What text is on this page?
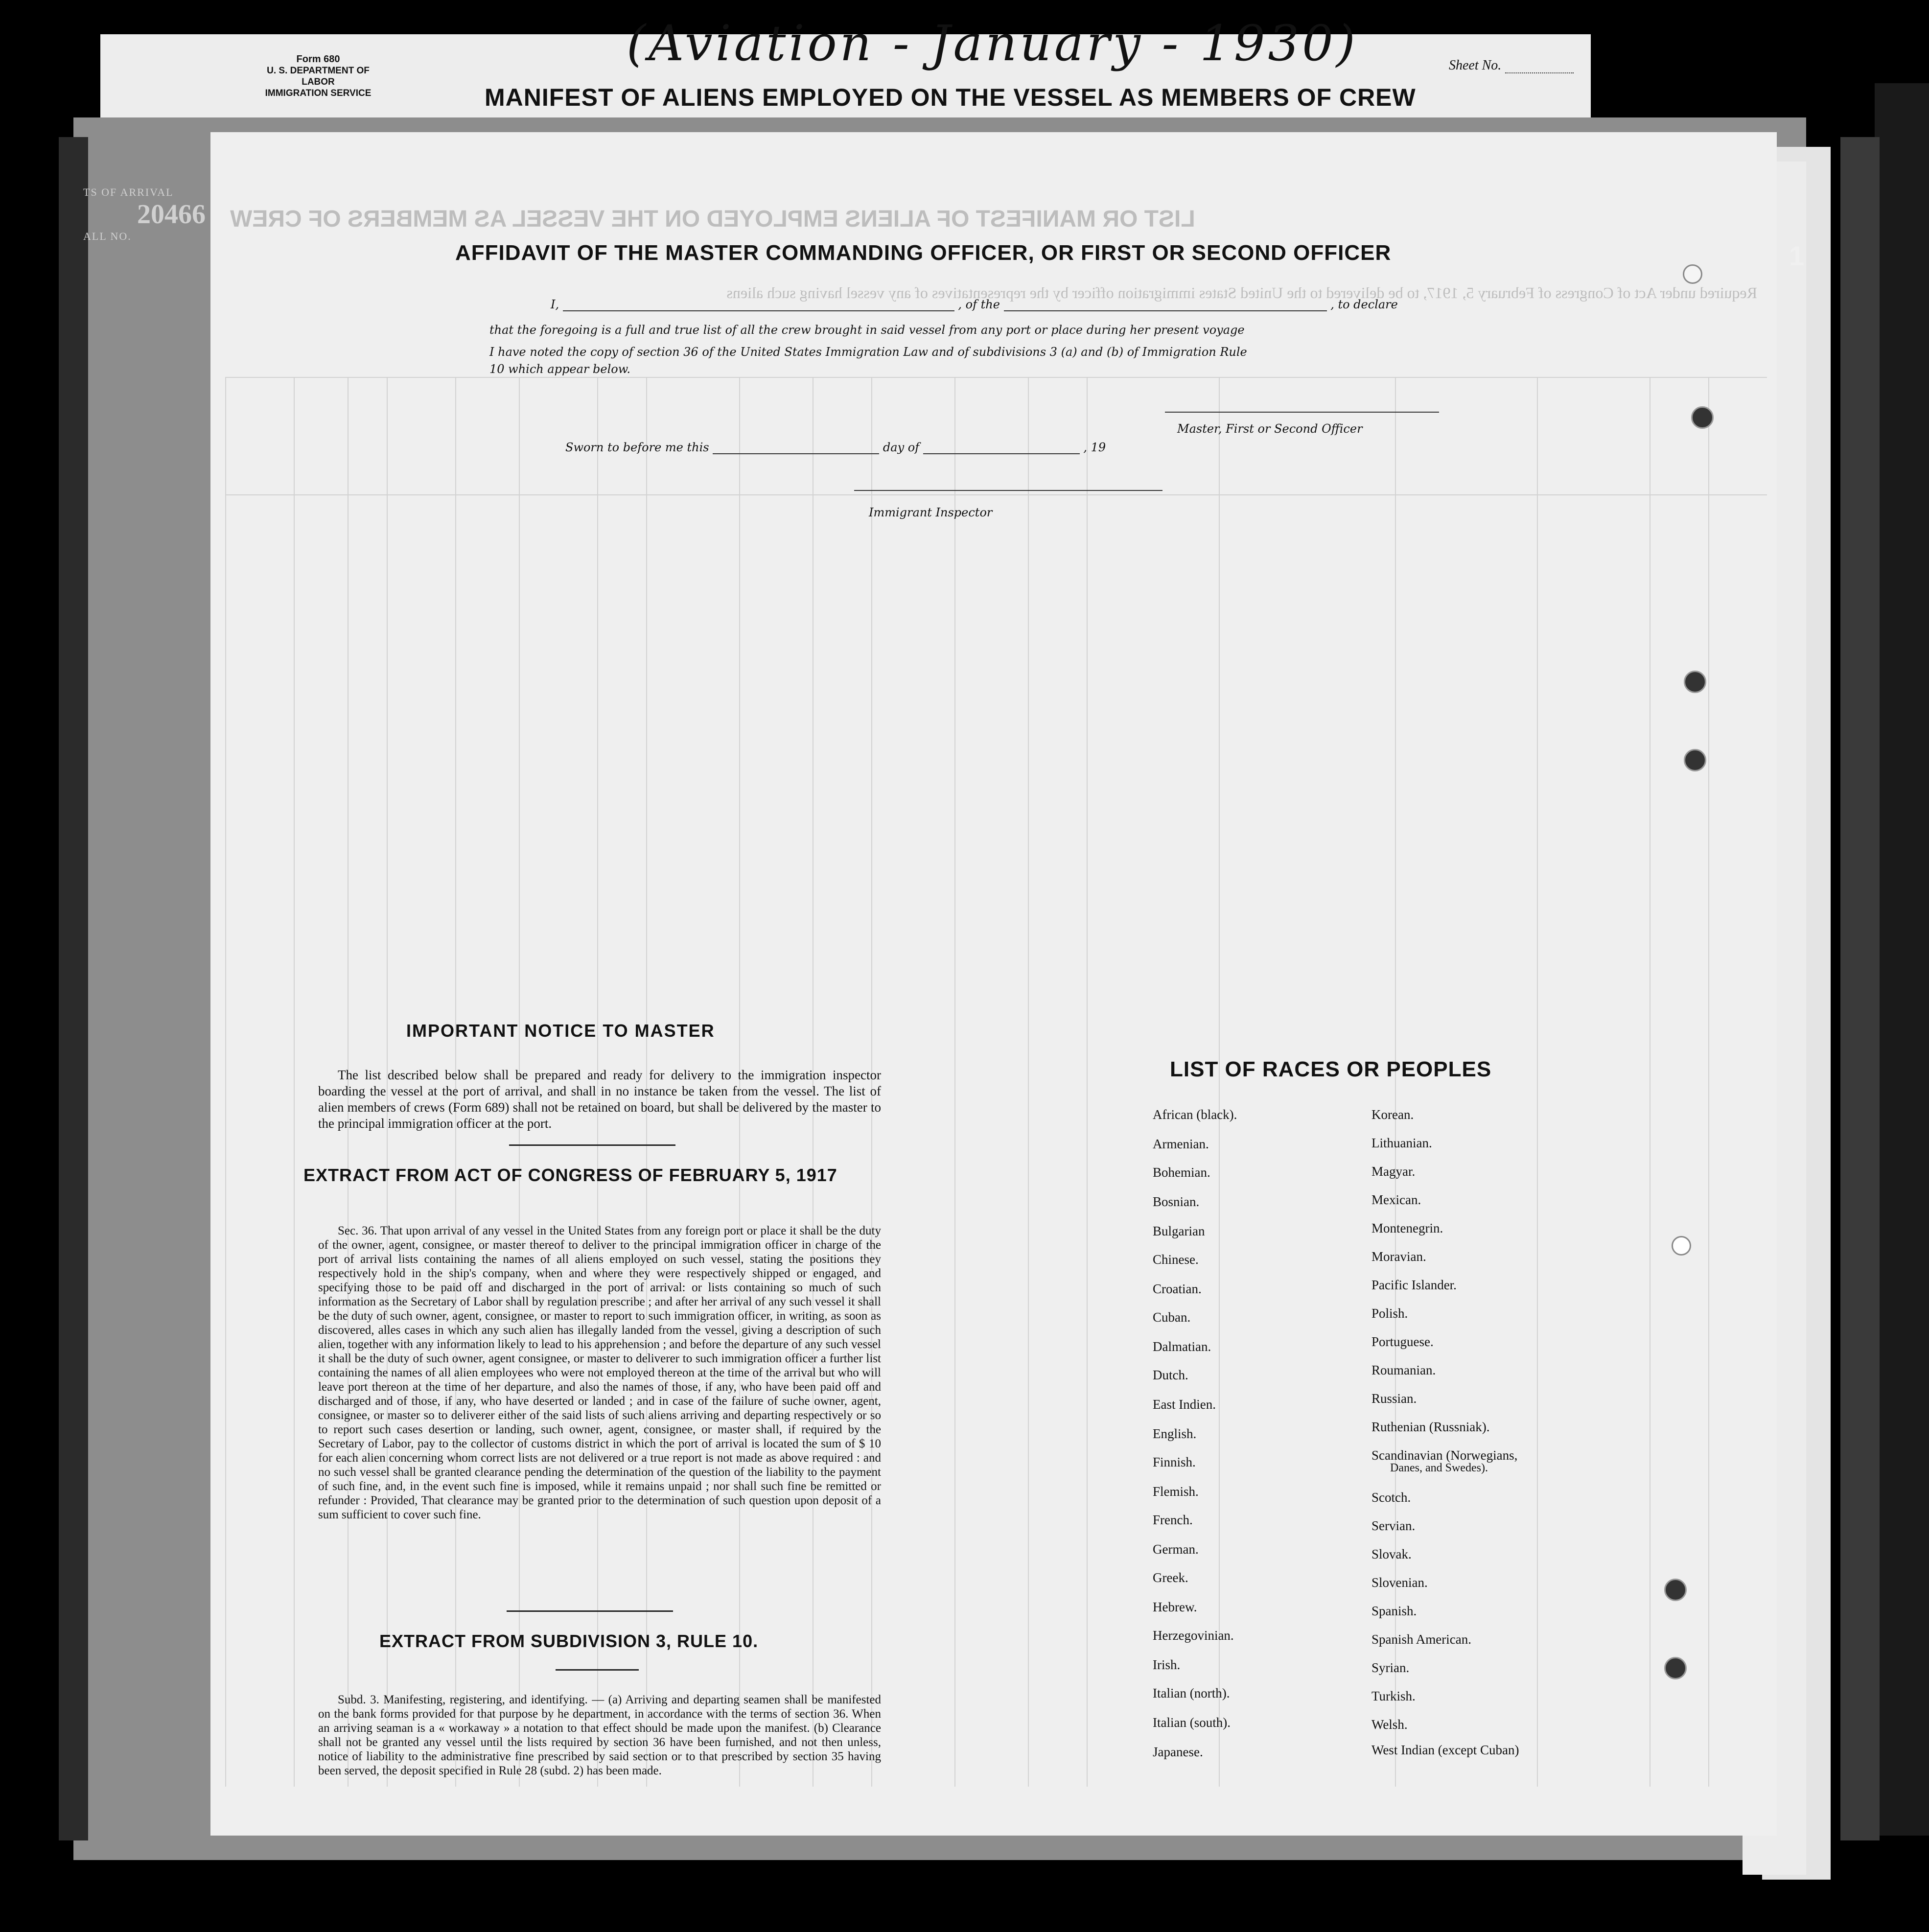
Form 680
U. S. DEPARTMENT OF LABOR
IMMIGRATION SERVICE
(Aviation - January - 1930)	Sheet No.
MANIFEST OF ALIENS EMPLOYED ON THE VESSEL AS MEMBERS OF CREW
TS OF ARRIVAL
20466
ALL NO.
1
LIST OR MANIFEST OF ALIENS EMPLOYED ON THE VESSEL AS MEMBERS OF CREW
Required under Act of Congress of February 5, 1917, to be delivered to the United States immigration officer by the representatives of any vessel having such aliens
AFFIDAVIT OF THE MASTER COMMANDING OFFICER, OR FIRST OR SECOND OFFICER
I,	, of the	, to declare
that the foregoing is a full and true list of all the crew brought in said vessel from any port or place during her present voyage
I have noted the copy of section 36 of the United States Immigration Law and of subdivisions 3 (a) and (b) of Immigration Rule
10 which appear below.
Master, First or Second Officer
Sworn to before me this	day of	, 19
Immigrant Inspector
IMPORTANT NOTICE TO MASTER
The list described below shall be prepared and ready for delivery to the immigration inspector boarding the vessel at the port of arrival, and shall in no instance be taken from the vessel. The list of alien members of crews (Form 689) shall not be retained on board, but shall be delivered by the master to the principal immigration officer at the port.
EXTRACT FROM ACT OF CONGRESS OF FEBRUARY 5, 1917
Sec. 36. That upon arrival of any vessel in the United States from any foreign port or place it shall be the duty of the owner, agent, consignee, or master thereof to deliver to the principal immigration officer in charge of the port of arrival lists containing the names of all aliens employed on such vessel, stating the positions they respectively hold in the ship's company, when and where they were respectively shipped or engaged, and specifying those to be paid off and discharged in the port of arrival: or lists containing so much of such information as the Secretary of Labor shall by regulation prescribe ; and after her arrival of any such vessel it shall be the duty of such owner, agent, consignee, or master to report to such immigration officer, in writing, as soon as discovered, alles cases in which any such alien has illegally landed from the vessel, giving a description of such alien, together with any information likely to lead to his apprehension ; and before the departure of any such vessel it shall be the duty of such owner, agent consignee, or master to deliverer to such immigration officer a further list containing the names of all alien employees who were not employed thereon at the time of the arrival but who will leave port thereon at the time of her departure, and also the names of those, if any, who have been paid off and discharged and of those, if any, who have deserted or landed ; and in case of the failure of suche owner, agent, consignee, or master so to deliverer either of the said lists of such aliens arriving and departing respectively or so to report such cases desertion or landing, such owner, agent, consignee, or master shall, if required by the Secretary of Labor, pay to the collector of customs district in which the port of arrival is located the sum of $ 10 for each alien concerning whom correct lists are not delivered or a true report is not made as above required : and no such vessel shall be granted clearance pending the determination of the question of the liability to the payment of such fine, and, in the event such fine is imposed, while it remains unpaid ; nor shall such fine be remitted or refunder : Provided, That clearance may be granted prior to the determination of such question upon deposit of a sum sufficient to cover such fine.
EXTRACT FROM SUBDIVISION 3, RULE 10.
Subd. 3. Manifesting, registering, and identifying. — (a) Arriving and departing seamen shall be manifested on the bank forms provided for that purpose by he department, in accordance with the terms of section 36. When an arriving seaman is a « workaway » a notation to that effect should be made upon the manifest. (b) Clearance shall not be granted any vessel until the lists required by section 36 have been furnished, and not then unless, notice of liability to the administrative fine prescribed by said section or to that prescribed by section 35 having been served, the deposit specified in Rule 28 (subd. 2) has been made.
LIST OF RACES OR PEOPLES
African (black).
Armenian.
Bohemian.
Bosnian.
Bulgarian
Chinese.
Croatian.
Cuban.
Dalmatian.
Dutch.
East Indien.
English.
Finnish.
Flemish.
French.
German.
Greek.
Hebrew.
Herzegovinian.
Irish.
Italian (north).
Italian (south).
Japanese.
Korean.
Lithuanian.
Magyar.
Mexican.
Montenegrin.
Moravian.
Pacific Islander.
Polish.
Portuguese.
Roumanian.
Russian.
Ruthenian (Russniak).
Scandinavian (Norwegians,
Danes, and Swedes).
Scotch.
Servian.
Slovak.
Slovenian.
Spanish.
Spanish American.
Syrian.
Turkish.
Welsh.
West Indian (except Cuban)
